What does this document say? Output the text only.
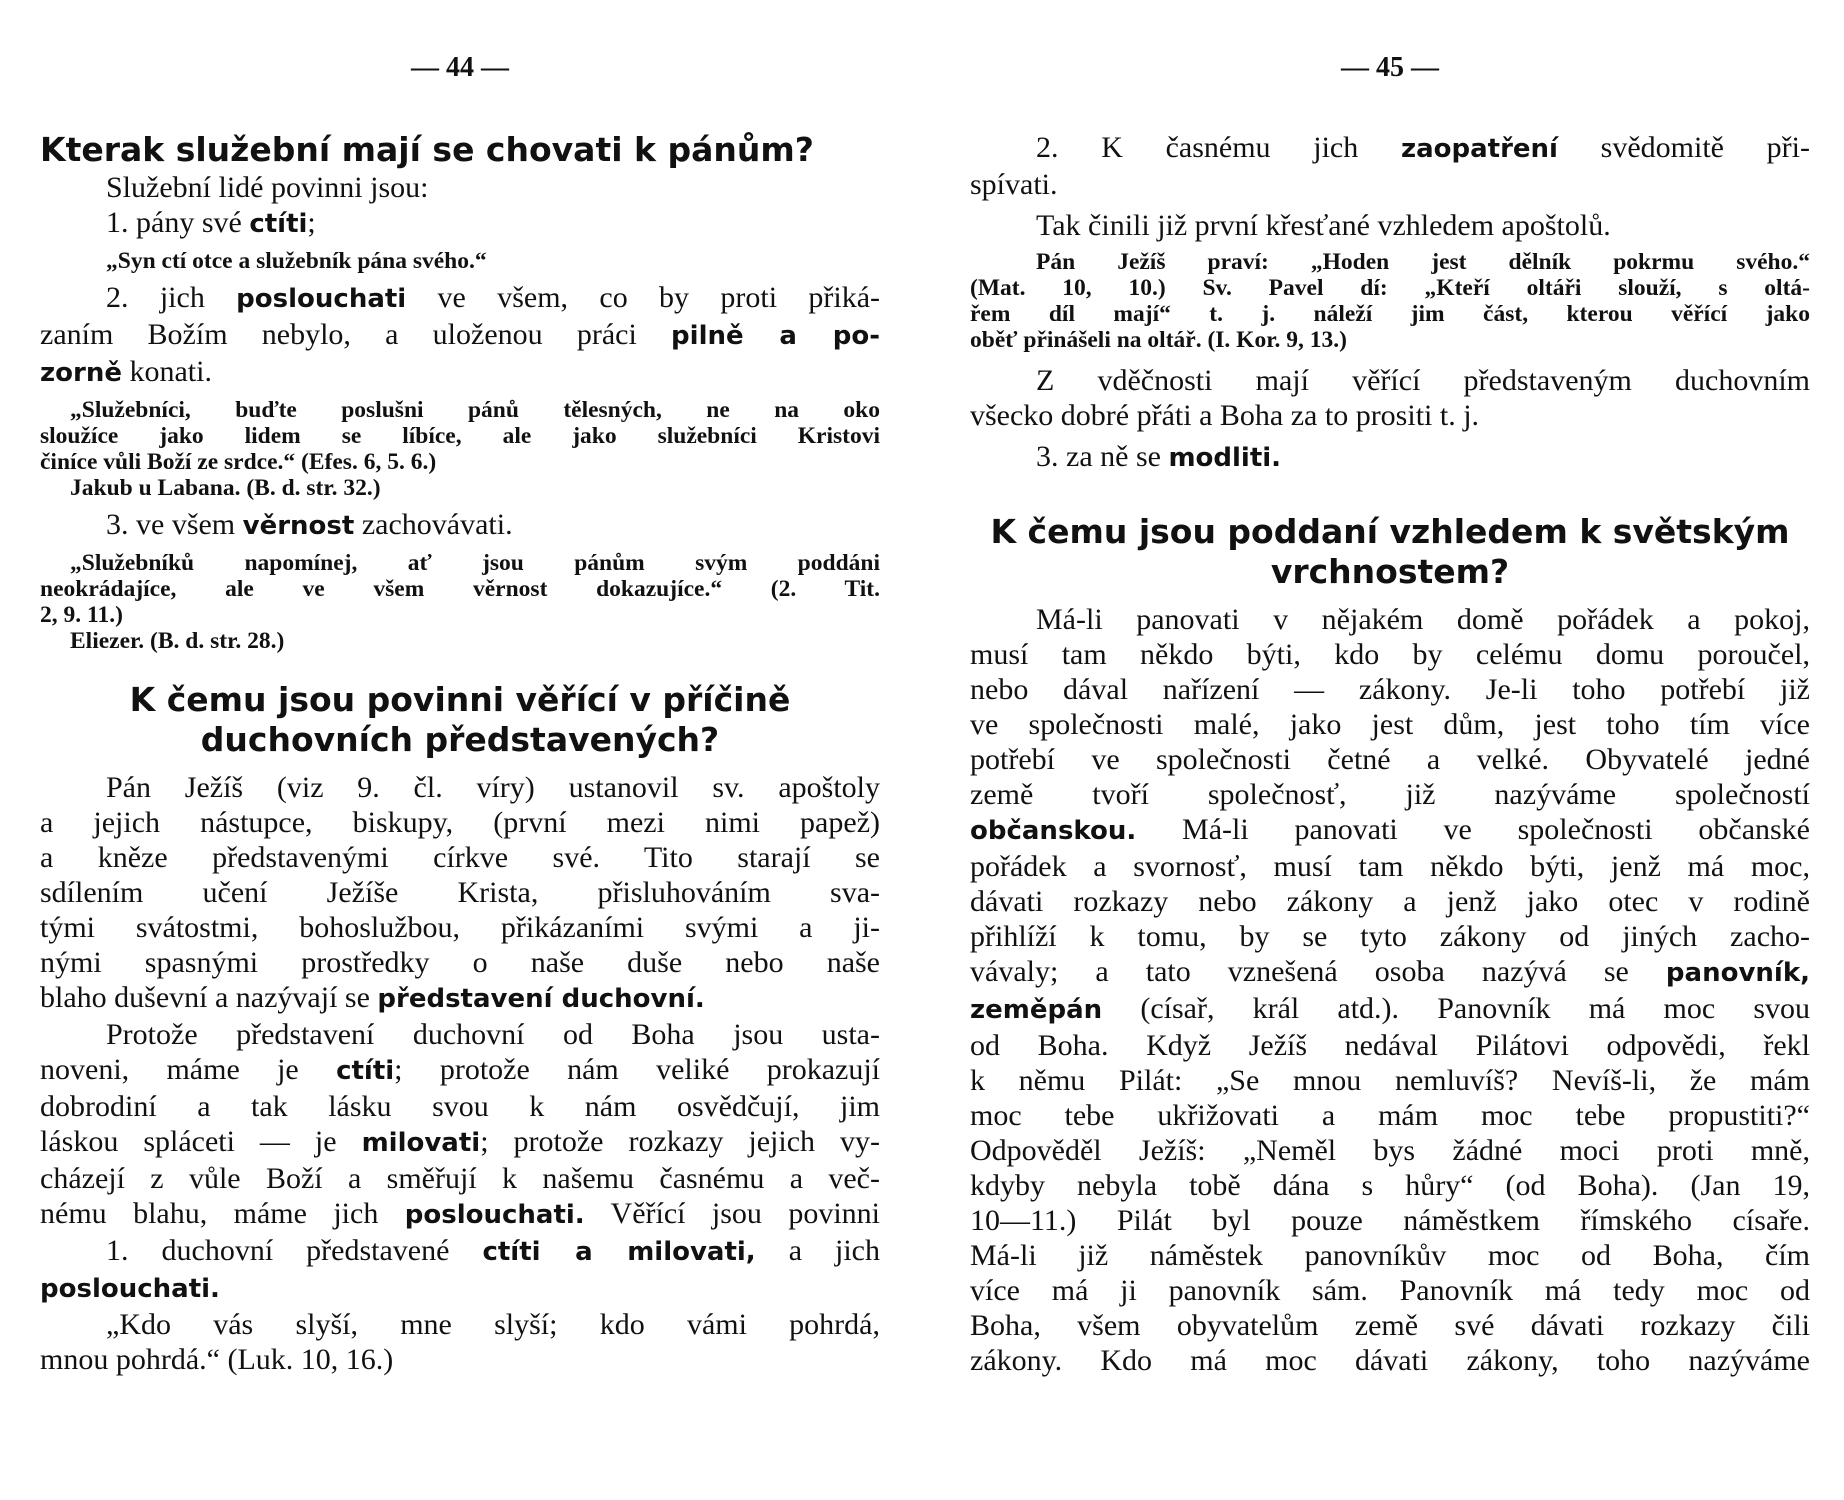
— 44 —
Kterak služební mají se chovati k pánům?

Služební lidé povinni jsou:

1. pány své ctíti;

„Syn ctí otce a služebník pána svého.“

2. jich poslouchati ve všem, co by proti přiká-

zaním Božím nebylo, a uloženou práci pilně a po-

zorně konati.

„Služebníci, buďte poslušni pánů tělesných, ne na oko

sloužíce jako lidem se líbíce, ale jako služebníci Kristovi

činíce vůli Boží ze srdce.“ (Efes. 6, 5. 6.)

Jakub u Labana. (B. d. str. 32.)

3. ve všem věrnost zachovávati.

„Služebníků napomínej, ať jsou pánům svým poddáni

neokrádajíce, ale ve všem věrnost dokazujíce.“ (2. Tit.

2, 9. 11.)

Eliezer. (B. d. str. 28.)

K čemu jsou povinni věřící v příčině
duchovních představených?

Pán Ježíš (viz 9. čl. víry) ustanovil sv. apoštoly

a jejich nástupce, biskupy, (první mezi nimi papež)

a kněze představenými církve své. Tito starají se

sdílením učení Ježíše Krista, přisluhováním sva-

tými svátostmi, bohoslužbou, přikázaními svými a ji-

nými spasnými prostředky o naše duše nebo naše

blaho duševní a nazývají se představení duchovní.

Protože představení duchovní od Boha jsou usta-

noveni, máme je ctíti; protože nám veliké prokazují

dobrodiní a tak lásku svou k nám osvědčují, jim

láskou spláceti — je milovati; protože rozkazy jejich vy-

cházejí z vůle Boží a směřují k našemu časnému a več-

nému blahu, máme jich poslouchati. Věřící jsou povinni

1. duchovní představené ctíti a milovati, a jich

poslouchati.

„Kdo vás slyší, mne slyší; kdo vámi pohrdá,

mnou pohrdá.“ (Luk. 10, 16.)

— 45 —

2. K časnému jich zaopatření svědomitě při-

spívati.

Tak činili již první křesťané vzhledem apoštolů.

Pán Ježíš praví: „Hoden jest dělník pokrmu svého.“

(Mat. 10, 10.) Sv. Pavel dí: „Kteří oltáři slouží, s oltá-

řem díl mají“ t. j. náleží jim část, kterou věřící jako

oběť přinášeli na oltář. (I. Kor. 9, 13.)

Z vděčnosti mají věřící představeným duchovním

všecko dobré přáti a Boha za to prositi t. j.

3. za ně se modliti.

K čemu jsou poddaní vzhledem k světským
vrchnostem?

Má-li panovati v nějakém domě pořádek a pokoj,

musí tam někdo býti, kdo by celému domu poroučel,

nebo dával nařízení — zákony. Je-li toho potřebí již

ve společnosti malé, jako jest dům, jest toho tím více

potřebí ve společnosti četné a velké. Obyvatelé jedné

země tvoří společnosť, již nazýváme společností

občanskou. Má-li panovati ve společnosti občanské

pořádek a svornosť, musí tam někdo býti, jenž má moc,

dávati rozkazy nebo zákony a jenž jako otec v rodině

přihlíží k tomu, by se tyto zákony od jiných zacho-

vávaly; a tato vznešená osoba nazývá se panovník,

zeměpán (císař, král atd.). Panovník má moc svou

od Boha. Když Ježíš nedával Pilátovi odpovědi, řekl

k němu Pilát: „Se mnou nemluvíš? Nevíš-li, že mám

moc tebe ukřižovati a mám moc tebe propustiti?“

Odpověděl Ježíš: „Neměl bys žádné moci proti mně,

kdyby nebyla tobě dána s hůry“ (od Boha). (Jan 19,

10—11.) Pilát byl pouze náměstkem římského císaře.

Má-li již náměstek panovníkův moc od Boha, čím

více má ji panovník sám. Panovník má tedy moc od

Boha, všem obyvatelům země své dávati rozkazy čili

zákony. Kdo má moc dávati zákony, toho nazýváme
